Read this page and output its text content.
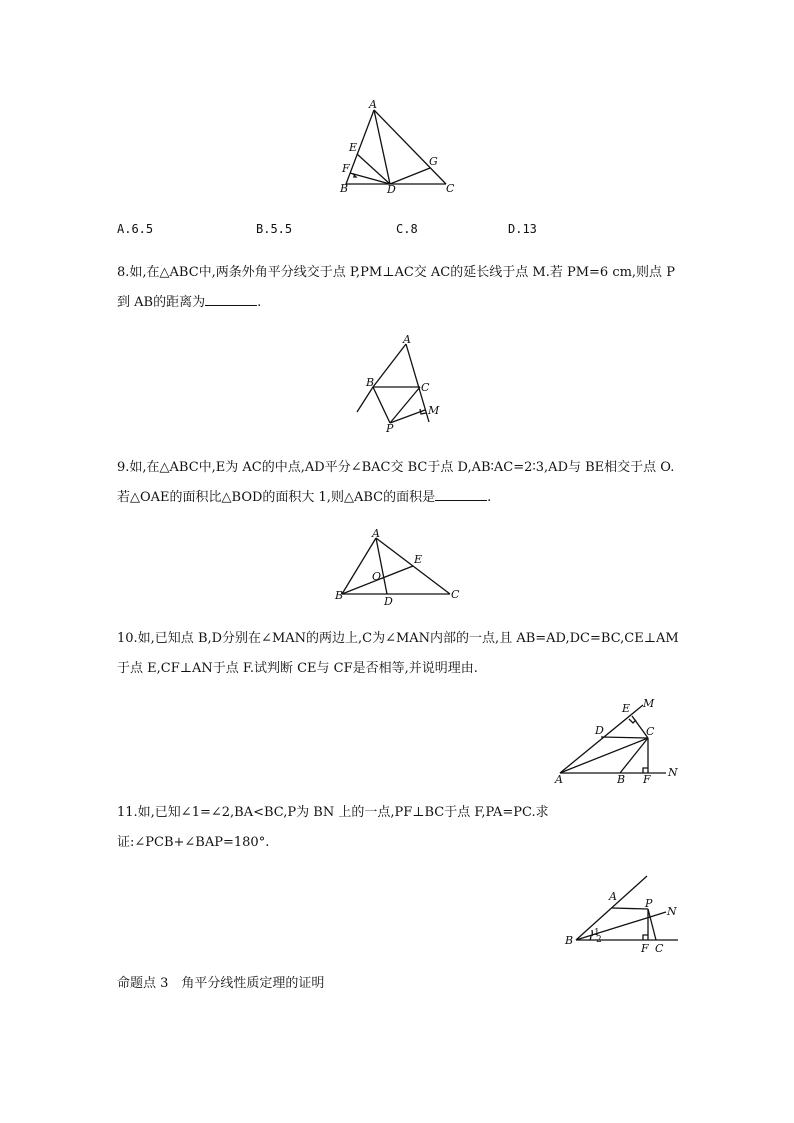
A
E
F
G
B	D	C
A.6.5	B.5.5	C.8	D.13
8.如,在△ABC中,两条外角平分线交于点 P,PM⊥AC交 AC的延长线于点 M.若 PM=6 cm,则点 P 到 AB的距离为	.
A
B	C
M
P
9.如,在△ABC中,E为 AC的中点,AD平分∠BAC交 BC于点 D,AB∶AC=2∶3,AD与 BE相交于点 O.若△OAE的面积比△BOD的面积大 1,则△ABC的面积是	.
A
E
O
B	D
C
10.如,已知点 B,D分别在∠MAN的两边上,C为∠MAN内部的一点,且 AB=AD,DC=BC,CE⊥AM于点 E,CF⊥AN于点 F.试判断 CE与 CF是否相等,并说明理由.
E M
D	C
A	B F
N
11.如,已知∠1=∠2,BA<BC,P为 BN 上的一点,PF⊥BC于点 F,PA=PC.求证:∠PCB+∠BAP=180°.
A
P
N
B
1
2
F C
命题点 3　角平分线性质定理的证明
